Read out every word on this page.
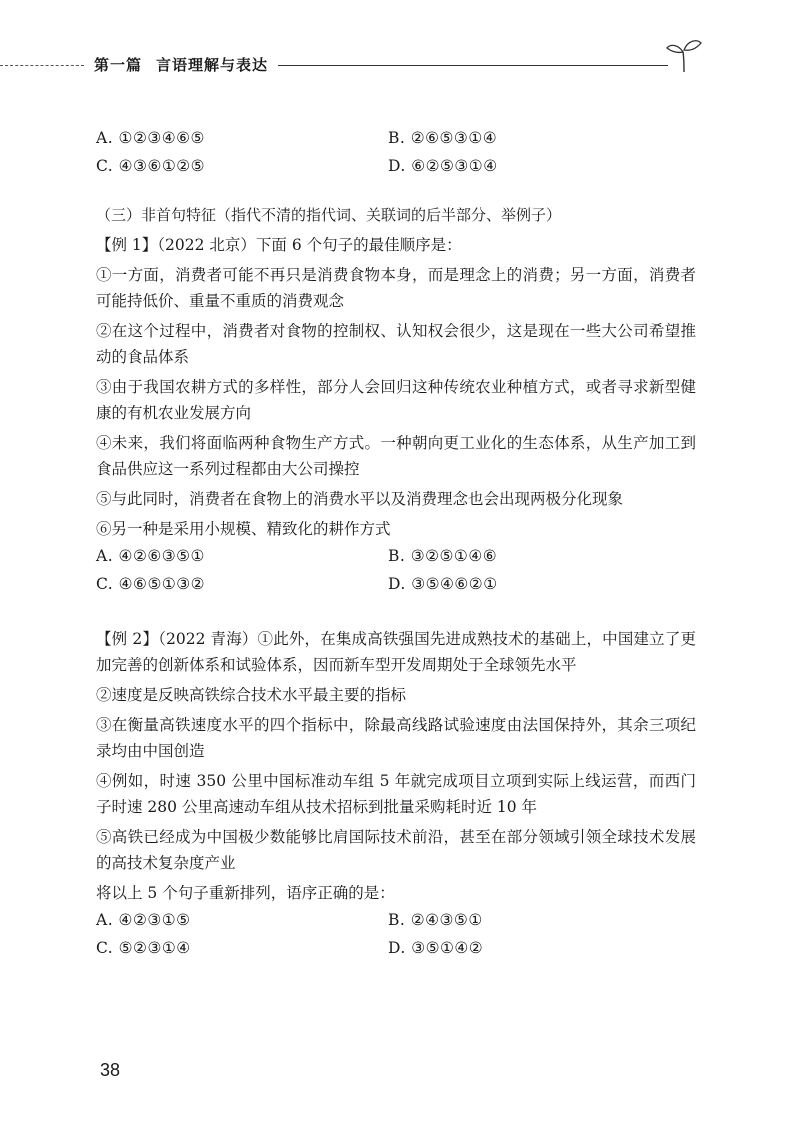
第一篇 言语理解与表达
A. ①②③④⑥⑤	B. ②⑥⑤③①④
C. ④③⑥①②⑤	D. ⑥②⑤③①④
（三）非首句特征（指代不清的指代词、关联词的后半部分、举例子）

【例 1】（2022 北京）下面 6 个句子的最佳顺序是：

①一方面，消费者可能不再只是消费食物本身，而是理念上的消费；另一方面，消费者可能持低价、重量不重质的消费观念

②在这个过程中，消费者对食物的控制权、认知权会很少，这是现在一些大公司希望推动的食品体系

③由于我国农耕方式的多样性，部分人会回归这种传统农业种植方式，或者寻求新型健康的有机农业发展方向

④未来，我们将面临两种食物生产方式。一种朝向更工业化的生态体系，从生产加工到食品供应这一系列过程都由大公司操控

⑤与此同时，消费者在食物上的消费水平以及消费理念也会出现两极分化现象

⑥另一种是采用小规模、精致化的耕作方式

A. ④②⑥③⑤①	B. ③②⑤①④⑥
C. ④⑥⑤①③②	D. ③⑤④⑥②①

【例 2】（2022 青海）①此外，在集成高铁强国先进成熟技术的基础上，中国建立了更加完善的创新体系和试验体系，因而新车型开发周期处于全球领先水平

②速度是反映高铁综合技术水平最主要的指标

③在衡量高铁速度水平的四个指标中，除最高线路试验速度由法国保持外，其余三项纪录均由中国创造

④例如，时速 350 公里中国标准动车组 5 年就完成项目立项到实际上线运营，而西门子时速 280 公里高速动车组从技术招标到批量采购耗时近 10 年

⑤高铁已经成为中国极少数能够比肩国际技术前沿，甚至在部分领域引领全球技术发展的高技术复杂度产业

将以上 5 个句子重新排列，语序正确的是：

A. ④②③①⑤	B. ②④③⑤①
C. ⑤②③①④	D. ③⑤①④②
38
